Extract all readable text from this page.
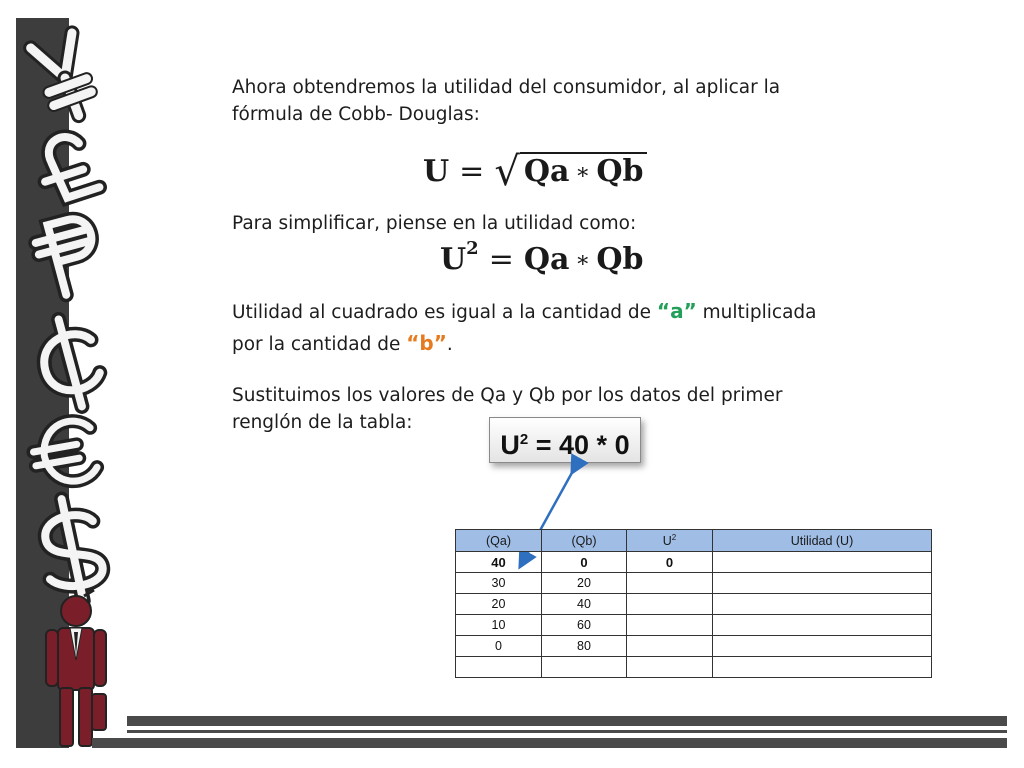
Ahora obtendremos la utilidad del consumidor, al aplicar la fórmula de Cobb- Douglas:
U = √ Qa ∗ Qb
Para simplificar, piense en la utilidad como:
$U^2 = Qa$ ∗ Qb
Utilidad al cuadrado es igual a la cantidad de “a” multiplicada por la cantidad de “b”.
Sustituimos los valores de Qa y Qb por los datos del primer renglón de la tabla:
$U^2 = 40 * 0$
(Qa)	(Qb)	$U^2$	Utilidad (U)
40	0	0	
30	20		
20	40		
10	60		
0	80		
